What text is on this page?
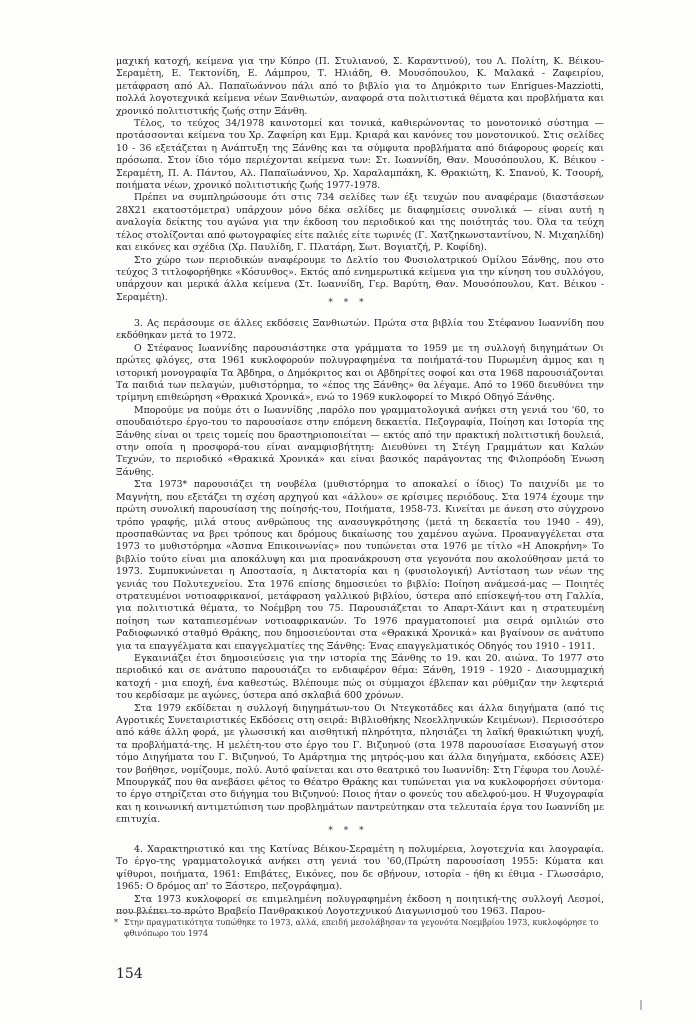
μαχική κατοχή, κείμενα για την Κύπρο (Π. Στυλιανού, Σ. Καραντινού), του Λ. Πολίτη, Κ. Βέικου-Σεραμέτη, Ε. Τεκτονίδη, Ε. Λάμπρου, Τ. Ηλιάδη, Θ. Μουσόπουλου, Κ. Μαλακά - Ζαφειρίου, μετάφραση από Αλ. Παπαϊωάννου πάλι από το βιβλίο για το Δημόκριτο των Enrigues-Mazziotti, πολλά λογοτεχνικά κείμενα νέων Ξανθιωτών, αναφορά στα πολιτιστικά θέματα και προβλήματα και χρονικό πολιτιστικής ζωής στην Ξάνθη.

Τέλος, το τεύχος 34/1978 καινοτομεί και τονικά, καθιερώνοντας το μονοτονικό σύστημα — προτάσσονται κείμενα του Χρ. Ζαφείρη και Εμμ. Κριαρά και κανόνες του μονοτονικού. Στις σελίδες 10 - 36 εξετάζεται η Ανάπτυξη της Ξάνθης και τα σύμφυτα προβλήματα από διάφορους φορείς και πρόσωπα. Στον ίδιο τόμο περιέχονται κείμενα των: Στ. Ιωαννίδη, Θαν. Μουσόπουλου, Κ. Βέικου - Σεραμέτη, Π. Α. Πάντου, Αλ. Παπαϊωάννου, Χρ. Χαραλαμπάκη, Κ. Θρακιώτη, Κ. Σπανού, Κ. Τσουρή, ποιήματα νέων, χρονικό πολιτιστικής ζωής 1977-1978.

Πρέπει να συμπληρώσουμε ότι στις 734 σελίδες των έξι τευχών που αναφέραμε (διαστάσεων 28Χ21 εκατοστόμετρα) υπάρχουν μόνο δέκα σελίδες με διαφημίσεις συνολικά — είναι αυτή η αναλογία δείκτης του αγώνα για την έκδοση του περιοδικού και της ποιότητάς του. Όλα τα τεύχη τέλος στολίζονται από φωτογραφίες είτε παλιές είτε τωρινές (Γ. Χατζηκωνσταντίνου, Ν. Μιχαηλίδη) και εικόνες και σχέδια (Χρ. Παυλίδη, Γ. Πλατάρη, Σωτ. Βογιατζή, Ρ. Κοφίδη).

Στο χώρο των περιοδικών αναφέρουμε το Δελτίο του Φυσιολατρικού Ομίλου Ξάνθης, που στο τεύχος 3 τιτλοφορήθηκε «Κόσυνθος». Εκτός από ενημερωτικά κείμενα για την κίνηση του συλλόγου, υπάρχουν και μερικά άλλα κείμενα (Στ. Ιωαννίδη, Γερ. Βαρύτη, Θαν. Μουσόπουλου, Κατ. Βέικου - Σεραμέτη).

* * *

3. Ας περάσουμε σε άλλες εκδόσεις Ξανθιωτών. Πρώτα στα βιβλία του Στέφανου Ιωαννίδη που εκδόθηκαν μετά το 1972.

Ο Στέφανος Ιωαννίδης παρουσιάστηκε στα γράμματα το 1959 με τη συλλογή διηγημάτων Οι πρώτες φλόγες, στα 1961 κυκλοφορούν πολυγραφημένα τα ποιήματά-του Πυρωμένη άμμος και η ιστορική μονογραφία Τα Άβδηρα, ο Δημόκριτος και οι Αβδηρίτες σοφοί και στα 1968 παρουσιάζονται Τα παιδιά των πελαγών, μυθιστόρημα, το «έπος της Ξάνθης» θα λέγαμε. Από το 1960 διευθύνει την τρίμηνη επιθεώρηση «Θρακικά Χρονικά», ενώ το 1969 κυκλοφορεί το Μικρό Οδηγό Ξάνθης.

Μπορούμε να πούμε ότι ο Ιωαννίδης ,παρόλο που γραμματολογικά ανήκει στη γενιά του '60, το σπουδαιότερο έργο-του το παρουσίασε στην επόμενη δεκαετία. Πεζογραφία, Ποίηση και Ιστορία της Ξάνθης είναι οι τρεις τομείς που δραστηριοποιείται — εκτός από την πρακτική πολιτιστική δουλειά, στην οποία η προσφορά-του είναι αναμφισβήτητη: Διευθύνει τη Στέγη Γραμμάτων και Καλών Τεχνών, το περιοδικό «Θρακικά Χρονικά» και είναι βασικός παράγοντας της Φιλοπρόοδη Ένωση Ξάνθης.

Στα 1973* παρουσιάζει τη νουβέλα (μυθιστόρημα το αποκαλεί ο ίδιος) Το παιχνίδι με το Μαγνήτη, που εξετάζει τη σχέση αρχηγού και «άλλου» σε κρίσιμες περιόδους. Στα 1974 έχουμε την πρώτη συνολική παρουσίαση της ποίησής-του, Ποιήματα, 1958-73. Κινείται με άνεση στο σύγχρονο τρόπο γραφής, μιλά στους ανθρώπους της ανασυγκρότησης (μετά τη δεκαετία του 1940 - 49), προσπαθώντας να βρει τρόπους και δρόμους δικαίωσης του χαμένου αγώνα. Προαναγγέλεται στα 1973 το μυθιστόρημα «Άσπνα Επικοινωνίας» που τυπώνεται στα 1976 με τίτλο «Η Αποκρήνη» Το βιβλίο τούτο είναι μια αποκάλυψη και μια προανάκρουση στα γεγονότα που ακολούθησαν μετά το 1973. Συμπυκνώνεται η Αποστασία, η Δικτατορία και η (φυσιολογική) Αντίσταση των νέων της γενιάς του Πολυτεχνείου. Στα 1976 επίσης δημοσιεύει το βιβλίο: Ποίηση ανάμεσά-μας — Ποιητές στρατευμένοι νοτιοαφρικανοί, μετάφραση γαλλικού βιβλίου, ύστερα από επίσκεψή-του στη Γαλλία, για πολιτιστικά θέματα, το Νοέμβρη του 75. Παρουσιάζεται το Απαρτ-Χάιντ και η στρατευμένη ποίηση των καταπιεσμένων νοτιοαφρικανών. Το 1976 πραγματοποιεί μια σειρά ομιλιών στο Ραδιοφωνικό σταθμό Θράκης, που δημοσιεύονται στα «Θρακικά Χρονικά» και βγαίνουν σε ανάτυπο για τα επαγγέλματα και επαγγελματίες της Ξάνθης: Ένας επαγγελματικός Οδηγός του 1910 - 1911.

Εγκαινιάζει έτσι δημοσιεύσεις για την ιστορία της Ξάνθης το 19. και 20. αιώνα. Το 1977 στο περιοδικό και σε ανάτυπο παρουσιάζει το ενδιαφέρον θέμα: Ξάνθη, 1919 - 1920 - Διασυμμαχική κατοχή - μια εποχή, ένα καθεστώς. Βλέπουμε πώς οι σύμμαχοι έβλεπαν και ρύθμιζαν την λεφτεριά του κερδίσαμε με αγώνες, ύστερα από σκλαβιά 600 χρόνων.

Στα 1979 εκδίδεται η συλλογή διηγημάτων-του Οι Ντεγκοτάδες και άλλα διηγήματα (από τις Αγροτικές Συνεταιριστικές Εκδόσεις στη σειρά: Βιβλιοθήκης Νεοελληνικών Κειμένων). Περισσότερο από κάθε άλλη φορά, με γλωσσική και αισθητική πληρότητα, πλησιάζει τη λαϊκή θρακιώτικη ψυχή, τα προβλήματά-της. Η μελέτη-του στο έργο του Γ. Βιζυηνού (στα 1978 παρουσίασε Εισαγωγή στον τόμο Διηγήματα του Γ. Βιζυηνού, Το Αμάρτημα της μητρός-μου και άλλα διηγήματα, εκδόσεις ΑΣΕ) τον βοήθησε, νομίζουμε, πολύ. Αυτό φαίνεται και στο θεατρικό του Ιωαννίδη: Στη Γέφυρα του Λουλέ-Μπουργκάζ που θα ανεβάσει φέτος το Θέατρο Θράκης και τυπώνεται για να κυκλοφορήσει σύντομα· το έργο στηρίζεται στο διήγημα του Βιζυηνού: Ποιος ήταν ο φονεύς του αδελφού-μου. Η Ψυχογραφία και η κοινωνική αντιμετώπιση των προβλημάτων παντρεύτηκαν στα τελευταία έργα του Ιωαννίδη με επιτυχία.

* * *

4. Χαρακτηριστικό και της Κατίνας Βέικου-Σεραμέτη η πολυμέρεια, λογοτεχνία και λαογραφία. Το έργο-της γραμματολογικά ανήκει στη γενιά του '60,(Πρώτη παρουσίαση 1955: Κύματα και ψίθυροι, ποιήματα, 1961: Επιβάτες, Εικόνες, που δε σβήνουν, ιστορία - ήθη κι έθιμα - Γλωσσάριο, 1965: Ο δρόμος απ' το Ξάστερο, πεζογράφημα).

Στα 1973 κυκλοφορεί σε επιμελημένη πολυγραφημένη έκδοση η ποιητική-της συλλογή Λεσμοί, που βλέπει το πρώτο Βραβείο Πανθρακικού Λογοτεχνικού Διαγωνισμού του 1963. Παρου-

* Στην πραγματικότητα τυπώθηκε το 1973, αλλά, επειδή μεσολάβησαν τα γεγονότα Νοεμβρίου 1973, κυκλοφόρησε το φθινόπωρο του 1974
154
